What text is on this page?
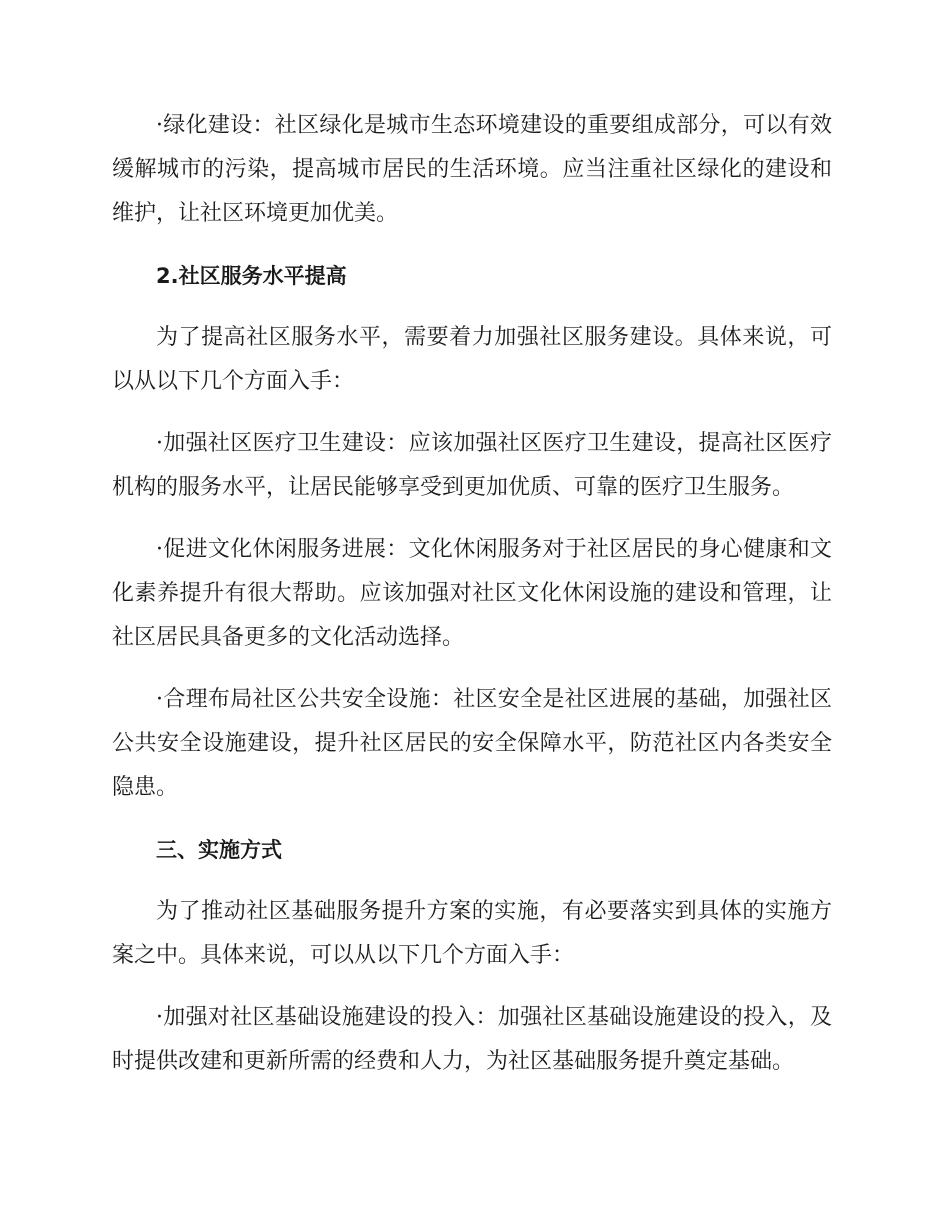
·绿化建设：社区绿化是城市生态环境建设的重要组成部分，可以有效缓解城市的污染，提高城市居民的生活环境。应当注重社区绿化的建设和维护，让社区环境更加优美。

2.社区服务水平提高

为了提高社区服务水平，需要着力加强社区服务建设。具体来说，可以从以下几个方面入手：

·加强社区医疗卫生建设：应该加强社区医疗卫生建设，提高社区医疗机构的服务水平，让居民能够享受到更加优质、可靠的医疗卫生服务。

·促进文化休闲服务进展：文化休闲服务对于社区居民的身心健康和文化素养提升有很大帮助。应该加强对社区文化休闲设施的建设和管理，让社区居民具备更多的文化活动选择。

·合理布局社区公共安全设施：社区安全是社区进展的基础，加强社区公共安全设施建设，提升社区居民的安全保障水平，防范社区内各类安全隐患。

三、实施方式

为了推动社区基础服务提升方案的实施，有必要落实到具体的实施方案之中。具体来说，可以从以下几个方面入手：

·加强对社区基础设施建设的投入：加强社区基础设施建设的投入，及时提供改建和更新所需的经费和人力，为社区基础服务提升奠定基础。
